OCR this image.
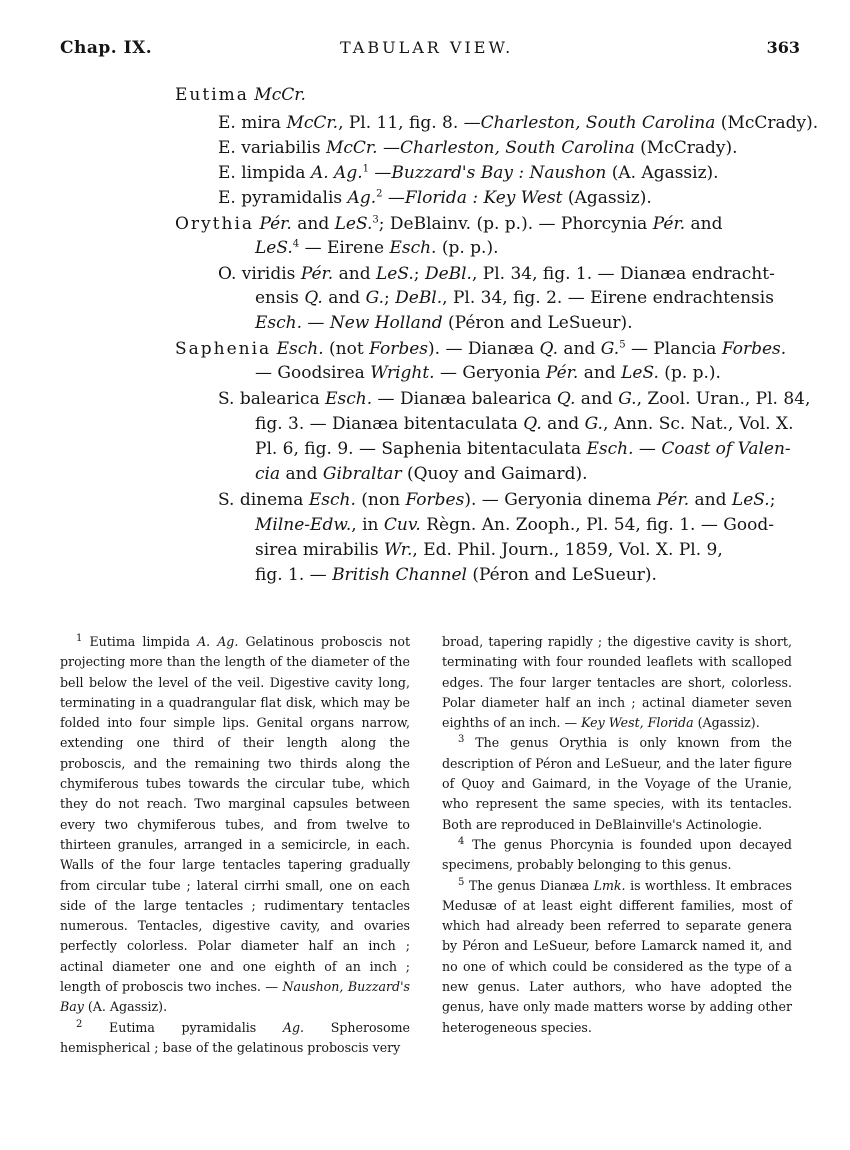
Chap. IX.	TABULAR VIEW.	363
Eutima McCr.
E. mira McCr., Pl. 11, fig. 8. —Charleston, South Carolina (McCrady).
E. variabilis McCr. —Charleston, South Carolina (McCrady).
E. limpida A. Ag.$^1$ —Buzzard's Bay : Naushon (A. Agassiz).
E. pyramidalis Ag.$^2$ —Florida : Key West (Agassiz).
Orythia Pér. and LeS.$^3$; DeBlainv. (p. p.). — Phorcynia Pér. and
LeS.$^4$ — Eirene Esch. (p. p.).
O. viridis Pér. and LeS.; DeBl., Pl. 34, fig. 1. — Dianæa endracht-
ensis Q. and G.; DeBl., Pl. 34, fig. 2. — Eirene endrachtensis
Esch. — New Holland (Péron and LeSueur).
Saphenia Esch. (not Forbes). — Dianæa Q. and G.$^5$ — Plancia Forbes.
— Goodsirea Wright. — Geryonia Pér. and LeS. (p. p.).
S. balearica Esch. — Dianæa balearica Q. and G., Zool. Uran., Pl. 84,
fig. 3. — Dianæa bitentaculata Q. and G., Ann. Sc. Nat., Vol. X.
Pl. 6, fig. 9. — Saphenia bitentaculata Esch. — Coast of Valen-
cia and Gibraltar (Quoy and Gaimard).
S. dinema Esch. (non Forbes). — Geryonia dinema Pér. and LeS.;
Milne-Edw., in Cuv. Règn. An. Zooph., Pl. 54, fig. 1. — Good-
sirea mirabilis Wr., Ed. Phil. Journ., 1859, Vol. X. Pl. 9,
fig. 1. — British Channel (Péron and LeSueur).

$^1$ Eutima limpida A. Ag. Gelatinous proboscis not projecting more than the length of the diameter of the bell below the level of the veil. Digestive cavity long, terminating in a quadrangular flat disk, which may be folded into four simple lips. Genital organs narrow, extending one third of their length along the proboscis, and the remaining two thirds along the chymiferous tubes towards the circular tube, which they do not reach. Two marginal capsules between every two chymiferous tubes, and from twelve to thirteen granules, arranged in a semicircle, in each. Walls of the four large tentacles tapering gradually from circular tube ; lateral cirrhi small, one on each side of the large tentacles ; rudimentary tentacles numerous. Tentacles, digestive cavity, and ovaries perfectly colorless. Polar diameter half an inch ; actinal diameter one and one eighth of an inch ; length of proboscis two inches. — Naushon, Buzzard's Bay (A. Agassiz).

$^2$ Eutima pyramidalis Ag. Spherosome hemispherical ; base of the gelatinous proboscis very

broad, tapering rapidly ; the digestive cavity is short, terminating with four rounded leaflets with scalloped edges. The four larger tentacles are short, colorless. Polar diameter half an inch ; actinal diameter seven eighths of an inch. — Key West, Florida (Agassiz).

$^3$ The genus Orythia is only known from the description of Péron and LeSueur, and the later figure of Quoy and Gaimard, in the Voyage of the Uranie, who represent the same species, with its tentacles. Both are reproduced in DeBlainville's Actinologie.

$^4$ The genus Phorcynia is founded upon decayed specimens, probably belonging to this genus.

$^5$ The genus Dianæa Lmk. is worthless. It embraces Medusæ of at least eight different families, most of which had already been referred to separate genera by Péron and LeSueur, before Lamarck named it, and no one of which could be considered as the type of a new genus. Later authors, who have adopted the genus, have only made matters worse by adding other heterogeneous species.
